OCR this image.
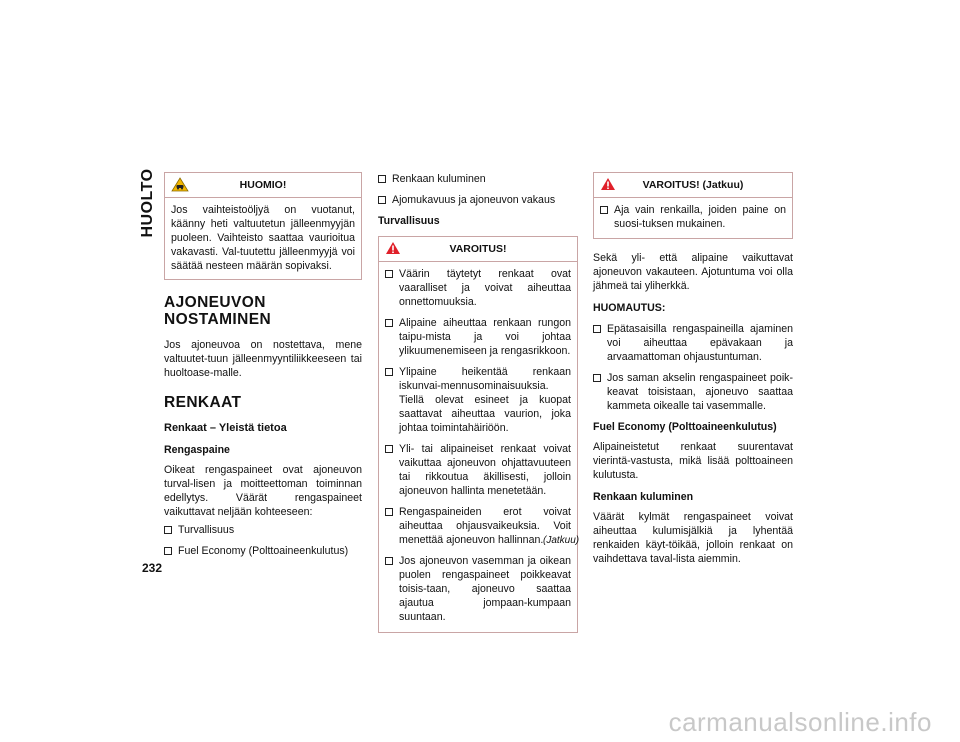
HUOLTO
232
HUOMIO!

Jos vaihteistoöljyä on vuotanut, käänny heti valtuutetun jälleenmyyjän puoleen. Vaihteisto saattaa vaurioitua vakavasti. Val-tuutettu jälleenmyyjä voi säätää nesteen määrän sopivaksi.

AJONEUVON NOSTAMINEN

Jos ajoneuvoa on nostettava, mene valtuutet-tuun jälleenmyyntiliikkeeseen tai huoltoase-malle.

RENKAAT
Renkaat – Yleistä tietoa
Rengaspaine

Oikeat rengaspaineet ovat ajoneuvon turval-lisen ja moitteettoman toiminnan edellytys. Väärät rengaspaineet vaikuttavat neljään kohteeseen:

Turvallisuus
Fuel Economy (Polttoaineenkulutus)
Renkaan kuluminen
Ajomukavuus ja ajoneuvon vakaus
Turvallisuus
VAROITUS!
Väärin täytetyt renkaat ovat vaaralliset ja voivat aiheuttaa onnettomuuksia.
Alipaine aiheuttaa renkaan rungon taipu-mista ja voi johtaa ylikuumenemiseen ja rengasrikkoon.
Ylipaine heikentää renkaan iskunvai-mennusominaisuuksia. Tiellä olevat esineet ja kuopat saattavat aiheuttaa vaurion, joka johtaa toimintahäiriöön.
Yli- tai alipaineiset renkaat voivat vaikuttaa ajoneuvon ohjattavuuteen tai rikkoutua äkillisesti, jolloin ajoneuvon hallinta menetetään.
Rengaspaineiden erot voivat aiheuttaa ohjausvaikeuksia. Voit menettää ajoneuvon hallinnan.
Jos ajoneuvon vasemman ja oikean puolen rengaspaineet poikkeavat toisis-taan, ajoneuvo saattaa ajautua jompaan-kumpaan suuntaan.
(Jatkuu)
VAROITUS! (Jatkuu)
Aja vain renkailla, joiden paine on suosi-tuksen mukainen.

Sekä yli- että alipaine vaikuttavat ajoneuvon vakauteen. Ajotuntuma voi olla jähmeä tai yliherkkä.

HUOMAUTUS:
Epätasaisilla rengaspaineilla ajaminen voi aiheuttaa epävakaan ja arvaamattoman ohjaustuntuman.
Jos saman akselin rengaspaineet poik-keavat toisistaan, ajoneuvo saattaa kammeta oikealle tai vasemmalle.
Fuel Economy (Polttoaineenkulutus)

Alipaineistetut renkaat suurentavat vierintä-vastusta, mikä lisää polttoaineen kulutusta.

Renkaan kuluminen

Väärät kylmät rengaspaineet voivat aiheuttaa kulumisjälkiä ja lyhentää renkaiden käyt-töikää, jolloin renkaat on vaihdettava taval-lista aiemmin.

carmanualsonline.info
